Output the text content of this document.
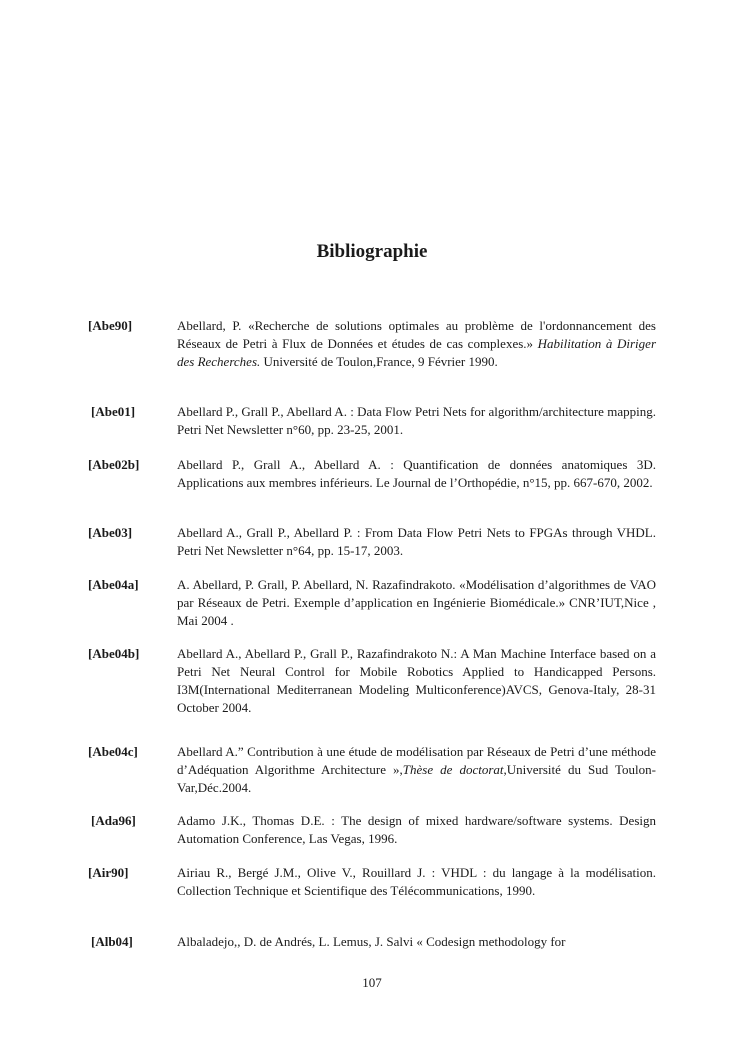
Bibliographie
[Abe90]	Abellard, P. «Recherche de solutions optimales au problème de l'ordonnancement des Réseaux de Petri à Flux de Données et études de cas complexes.» Habilitation à Diriger des Recherches. Université de Toulon,France, 9 Février 1990.
[Abe01]	Abellard P., Grall P., Abellard A. : Data Flow Petri Nets for algorithm/architecture mapping. Petri Net Newsletter n°60, pp. 23-25, 2001.
[Abe02b]	Abellard P., Grall A., Abellard A. : Quantification de données anatomiques 3D. Applications aux membres inférieurs. Le Journal de l’Orthopédie, n°15, pp. 667-670, 2002.
[Abe03]	Abellard A., Grall P., Abellard P. : From Data Flow Petri Nets to FPGAs through VHDL. Petri Net Newsletter n°64, pp. 15-17, 2003.
[Abe04a]	A. Abellard, P. Grall, P. Abellard, N. Razafindrakoto. «Modélisation d’algorithmes de VAO par Réseaux de Petri. Exemple d’application en Ingénierie Biomédicale.» CNR’IUT,Nice , Mai 2004 .
[Abe04b]	Abellard A., Abellard P., Grall P., Razafindrakoto N.: A Man Machine Interface based on a Petri Net Neural Control for Mobile Robotics Applied to Handicapped Persons. I3M(International Mediterranean Modeling Multiconference)AVCS, Genova-Italy, 28-31 October 2004.
[Abe04c]	Abellard A.” Contribution à une étude de modélisation par Réseaux de Petri d’une méthode d’Adéquation Algorithme Architecture »,Thèse de doctorat,Université du Sud Toulon-Var,Déc.2004.
[Ada96]	Adamo J.K., Thomas D.E. : The design of mixed hardware/software systems. Design Automation Conference, Las Vegas, 1996.
[Air90]	Airiau R., Bergé J.M., Olive V., Rouillard J. : VHDL : du langage à la modélisation. Collection Technique et Scientifique des Télécommunications, 1990.
[Alb04]	Albaladejo,, D. de Andrés, L. Lemus, J. Salvi « Codesign methodology for
107
